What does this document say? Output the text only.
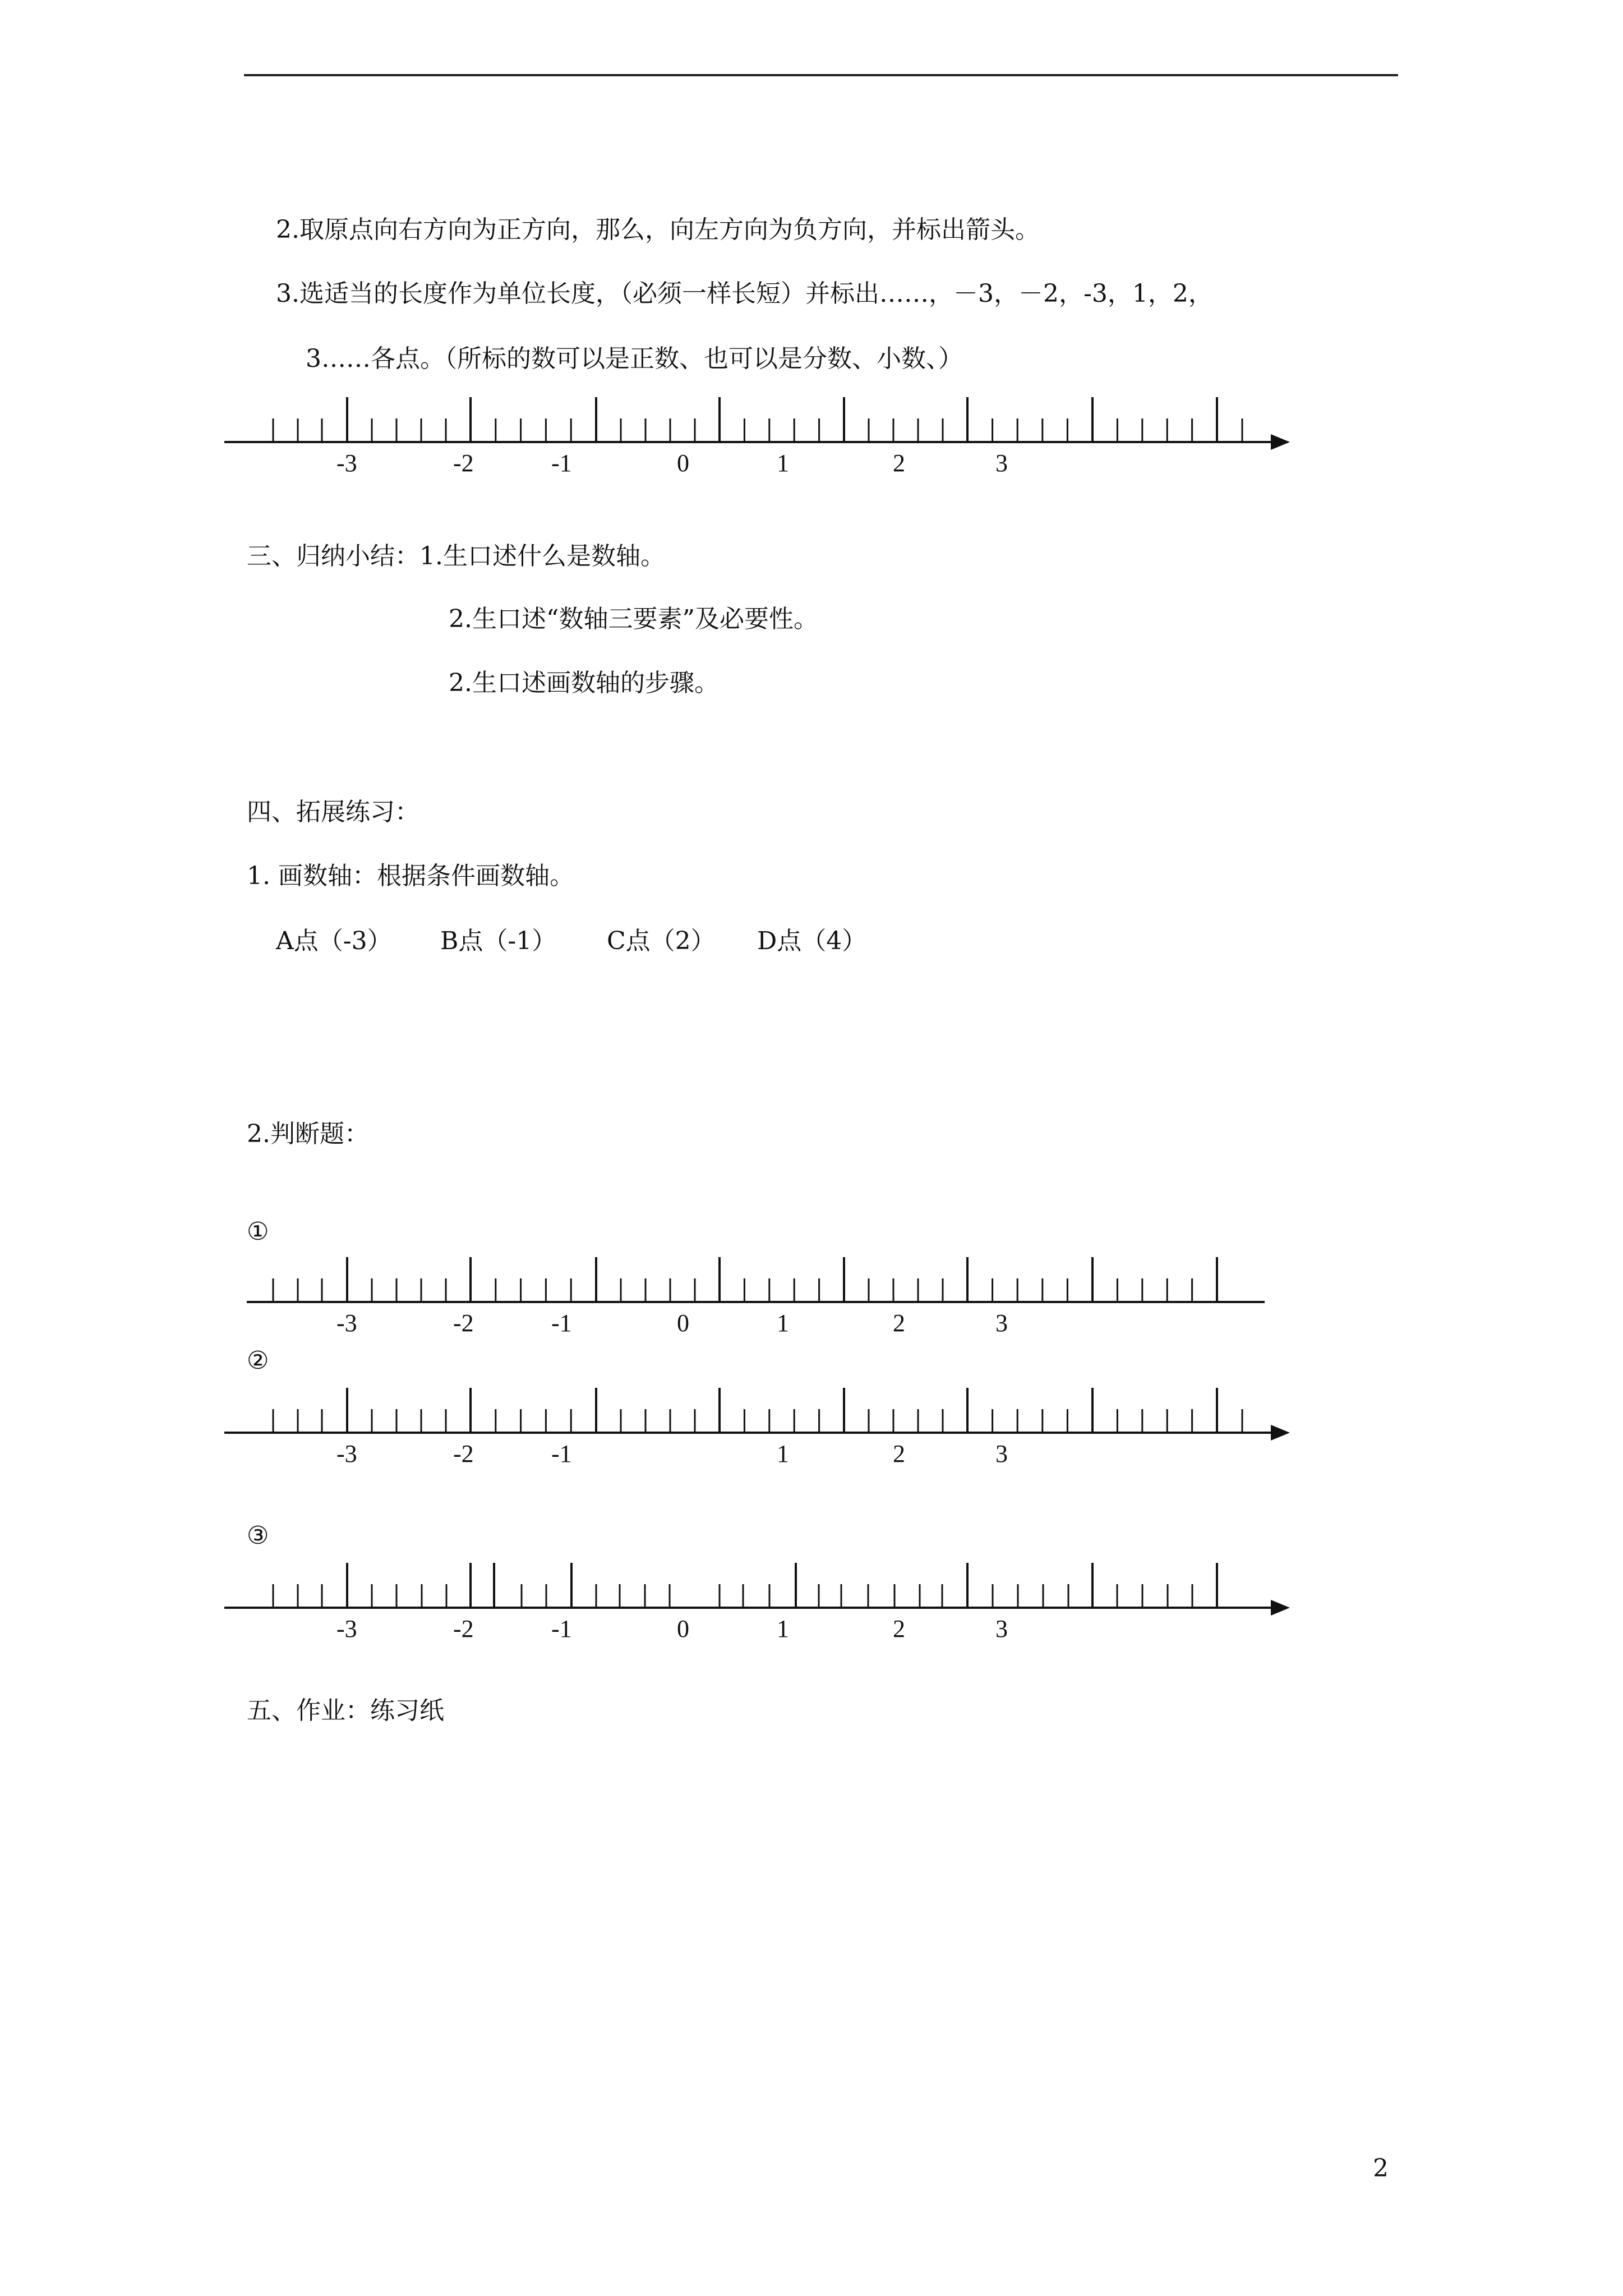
2.取原点向右方向为正方向，那么，向左方向为负方向，并标出箭头。
3.选适当的长度作为单位长度，（必须一样长短）并标出……，－3，－2，-3，1，2，
3……各点。（所标的数可以是正数、也可以是分数、小数、）
-3	-2	-1	0	1	2	3
-3	-2	-1	0	1	2	3
-3	-2	-1	1	2	3
-3	-2	-1	0	1	2	3
三、归纳小结：1.生口述什么是数轴。
2.生口述“数轴三要素”及必要性。
2.生口述画数轴的步骤。
四、拓展练习：
1. 画数轴：根据条件画数轴。
A点（-3） B点（-1） C点（2） D点（4）
2.判断题：
①
②
③
五、作业：练习纸
2
